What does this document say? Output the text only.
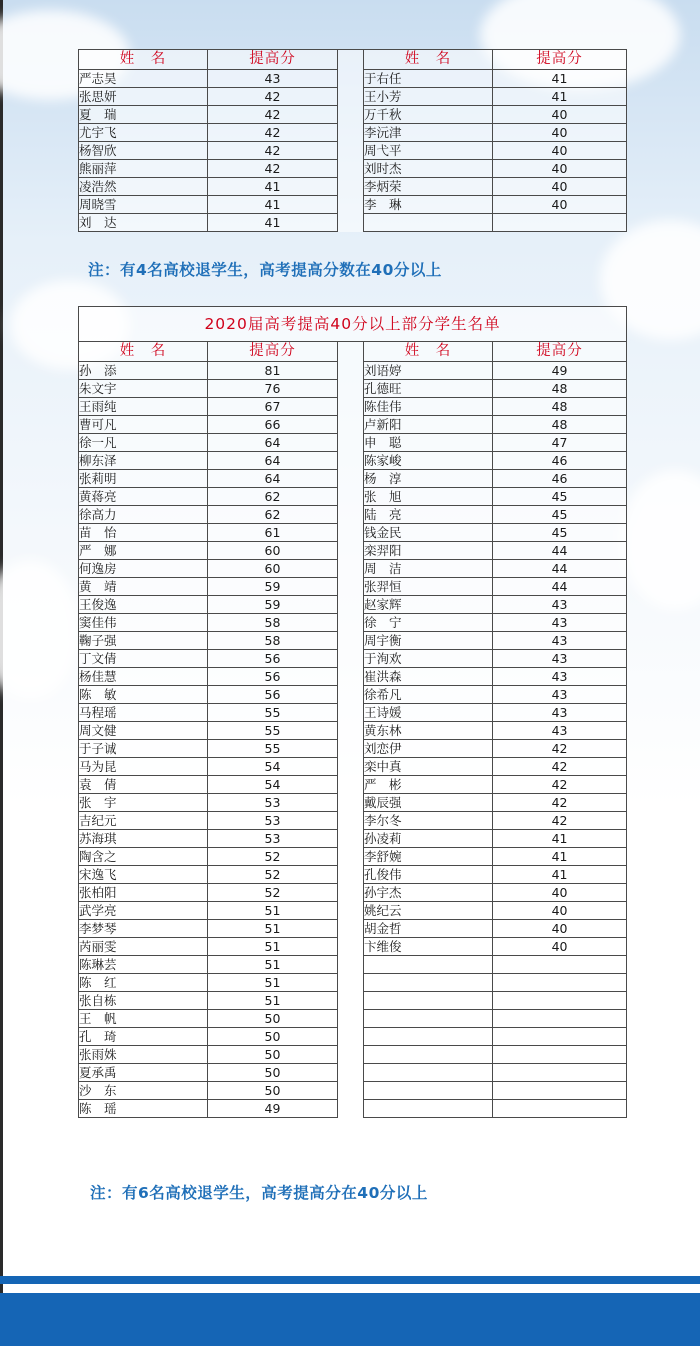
姓　名	提高分		姓　名	提高分
严志昊	43		于右任	41
张思妍	42		王小芳	41
夏　瑞	42		万千秋	40
尤宇飞	42		李沅津	40
杨智欣	42		周弋平	40
熊丽萍	42		刘时杰	40
凌浩然	41		李炳荣	40
周晓雪	41		李　琳	40
刘　达	41			
注：有4名高校退学生，高考提高分数在40分以上
2020届高考提高40分以上部分学生名单				
姓　名	提高分		姓　名	提高分
孙　添	81		刘语婷	49
朱文宇	76		孔德旺	48
王雨纯	67		陈佳伟	48
曹可凡	66		卢新阳	48
徐一凡	64		申　聪	47
柳东泽	64		陈家峻	46
张莉明	64		杨　淳	46
黄蒋亮	62		张　旭	45
徐高力	62		陆　亮	45
苗　怡	61		钱金民	45
严　娜	60		栾羿阳	44
何逸房	60		周　洁	44
黄　靖	59		张羿恒	44
王俊逸	59		赵家辉	43
窦佳伟	58		徐　宁	43
鞠子强	58		周宇衡	43
丁文倩	56		于洵欢	43
杨佳慧	56		崔洪森	43
陈　敏	56		徐希凡	43
马程瑶	55		王诗媛	43
周文健	55		黄东林	43
于子诚	55		刘恋伊	42
马为昆	54		栾中真	42
袁　倩	54		严　彬	42
张　宇	53		戴辰强	42
吉纪元	53		李尔冬	42
苏海琪	53		孙凌莉	41
陶含之	52		李舒婉	41
宋逸飞	52		孔俊伟	41
张柏阳	52		孙宇杰	40
武学亮	51		姚纪云	40
李梦琴	51		胡金哲	40
芮丽雯	51		卞维俊	40
陈琳芸	51			
陈　红	51			
张自栋	51			
王　帆	50			
孔　琦	50			
张雨姝	50			
夏承禹	50			
沙　东	50			
陈　瑶	49			
注：有6名高校退学生，高考提高分在40分以上
